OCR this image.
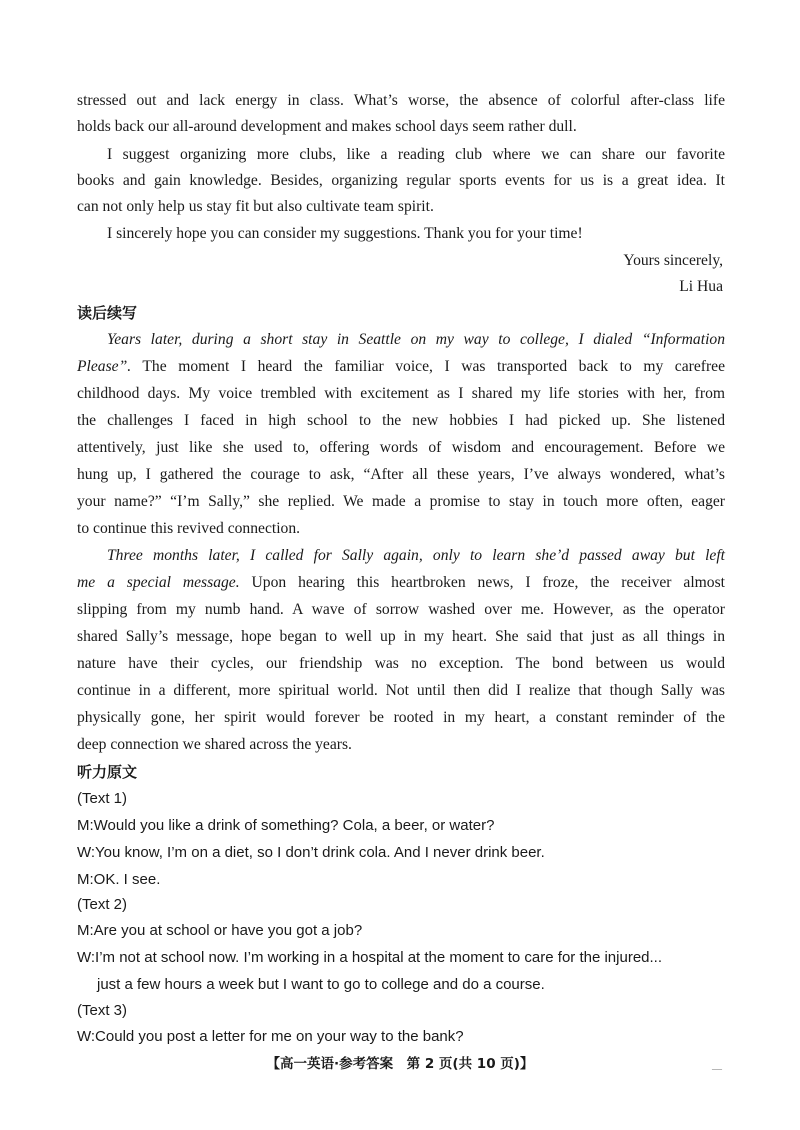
stressed out and lack energy in class. What’s worse, the absence of colorful after-class life
holds back our all-around development and makes school days seem rather dull.
I suggest organizing more clubs, like a reading club where we can share our favorite
books and gain knowledge. Besides, organizing regular sports events for us is a great idea. It
can not only help us stay fit but also cultivate team spirit.
I sincerely hope you can consider my suggestions. Thank you for your time!
Yours sincerely,
Li Hua
读后续写
Years later, during a short stay in Seattle on my way to college, I dialed “Information
Please”. The moment I heard the familiar voice, I was transported back to my carefree
childhood days. My voice trembled with excitement as I shared my life stories with her, from
the challenges I faced in high school to the new hobbies I had picked up. She listened
attentively, just like she used to, offering words of wisdom and encouragement. Before we
hung up, I gathered the courage to ask, “After all these years, I’ve always wondered, what’s
your name?” “I’m Sally,” she replied. We made a promise to stay in touch more often, eager
to continue this revived connection.
Three months later, I called for Sally again, only to learn she’d passed away but left
me a special message. Upon hearing this heartbroken news, I froze, the receiver almost
slipping from my numb hand. A wave of sorrow washed over me. However, as the operator
shared Sally’s message, hope began to well up in my heart. She said that just as all things in
nature have their cycles, our friendship was no exception. The bond between us would
continue in a different, more spiritual world. Not until then did I realize that though Sally was
physically gone, her spirit would forever be rooted in my heart, a constant reminder of the
deep connection we shared across the years.
听力原文
(Text 1)
M:Would you like a drink of something? Cola, a beer, or water?
W:You know, I’m on a diet, so I don’t drink cola. And I never drink beer.
M:OK. I see.
(Text 2)
M:Are you at school or have you got a job?
W:I’m not at school now. I’m working in a hospital at the moment to care for the injured...
just a few hours a week but I want to go to college and do a course.
(Text 3)
W:Could you post a letter for me on your way to the bank?
【高一英语·参考答案　第 2 页(共 10 页)】	—
